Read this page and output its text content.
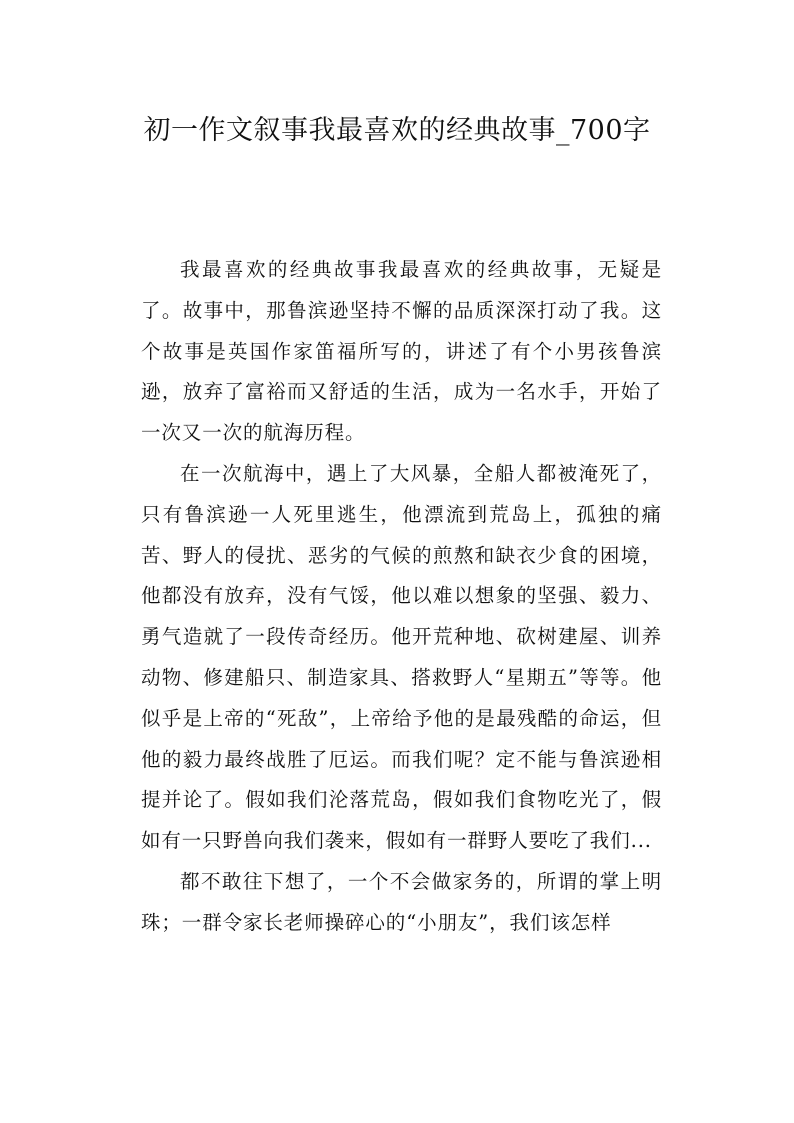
初一作文叙事我最喜欢的经典故事_700字

我最喜欢的经典故事我最喜欢的经典故事，无疑是了。故事中，那鲁滨逊坚持不懈的品质深深打动了我。这个故事是英国作家笛福所写的，讲述了有个小男孩鲁滨逊，放弃了富裕而又舒适的生活，成为一名水手，开始了一次又一次的航海历程。

在一次航海中，遇上了大风暴，全船人都被淹死了，只有鲁滨逊一人死里逃生，他漂流到荒岛上，孤独的痛苦、野人的侵扰、恶劣的气候的煎熬和缺衣少食的困境，他都没有放弃，没有气馁，他以难以想象的坚强、毅力、勇气造就了一段传奇经历。他开荒种地、砍树建屋、训养动物、修建船只、制造家具、搭救野人“星期五”等等。他似乎是上帝的“死敌”，上帝给予他的是最残酷的命运，但他的毅力最终战胜了厄运。而我们呢？定不能与鲁滨逊相提并论了。假如我们沦落荒岛，假如我们食物吃光了，假如有一只野兽向我们袭来，假如有一群野人要吃了我们...

都不敢往下想了，一个不会做家务的，所谓的掌上明珠；一群令家长老师操碎心的“小朋友”，我们该怎样
